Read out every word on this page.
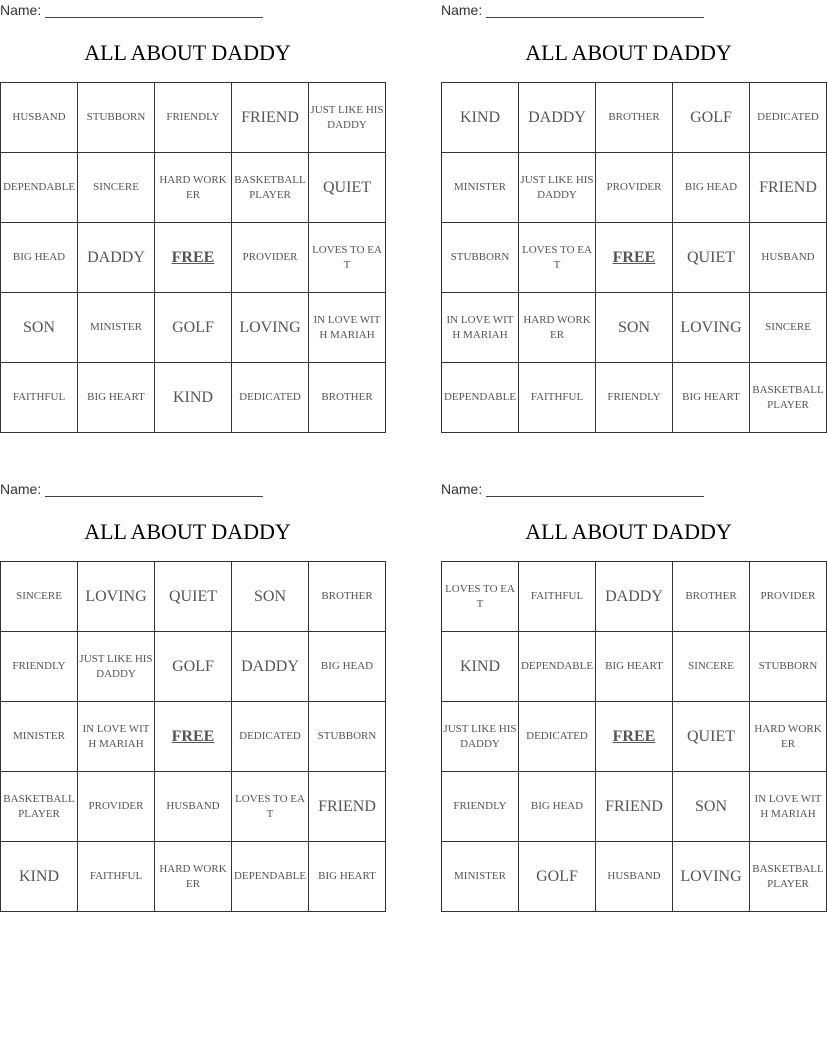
Name:
ALL ABOUT DADDY
HUSBAND	STUBBORN	FRIENDLY	FRIEND	JUST LIKE HIS DADDY
DEPENDABLE	SINCERE	HARD WORKER	BASKETBALL PLAYER	QUIET
BIG HEAD	DADDY	FREE	PROVIDER	LOVES TO EAT
SON	MINISTER	GOLF	LOVING	IN LOVE WITH MARIAH
FAITHFUL	BIG HEART	KIND	DEDICATED	BROTHER
Name:
ALL ABOUT DADDY
KIND	DADDY	BROTHER	GOLF	DEDICATED
MINISTER	JUST LIKE HIS DADDY	PROVIDER	BIG HEAD	FRIEND
STUBBORN	LOVES TO EAT	FREE	QUIET	HUSBAND
IN LOVE WITH MARIAH	HARD WORKER	SON	LOVING	SINCERE
DEPENDABLE	FAITHFUL	FRIENDLY	BIG HEART	BASKETBALL PLAYER
Name:
ALL ABOUT DADDY
SINCERE	LOVING	QUIET	SON	BROTHER
FRIENDLY	JUST LIKE HIS DADDY	GOLF	DADDY	BIG HEAD
MINISTER	IN LOVE WITH MARIAH	FREE	DEDICATED	STUBBORN
BASKETBALL PLAYER	PROVIDER	HUSBAND	LOVES TO EAT	FRIEND
KIND	FAITHFUL	HARD WORKER	DEPENDABLE	BIG HEART
Name:
ALL ABOUT DADDY
LOVES TO EAT	FAITHFUL	DADDY	BROTHER	PROVIDER
KIND	DEPENDABLE	BIG HEART	SINCERE	STUBBORN
JUST LIKE HIS DADDY	DEDICATED	FREE	QUIET	HARD WORKER
FRIENDLY	BIG HEAD	FRIEND	SON	IN LOVE WITH MARIAH
MINISTER	GOLF	HUSBAND	LOVING	BASKETBALL PLAYER
